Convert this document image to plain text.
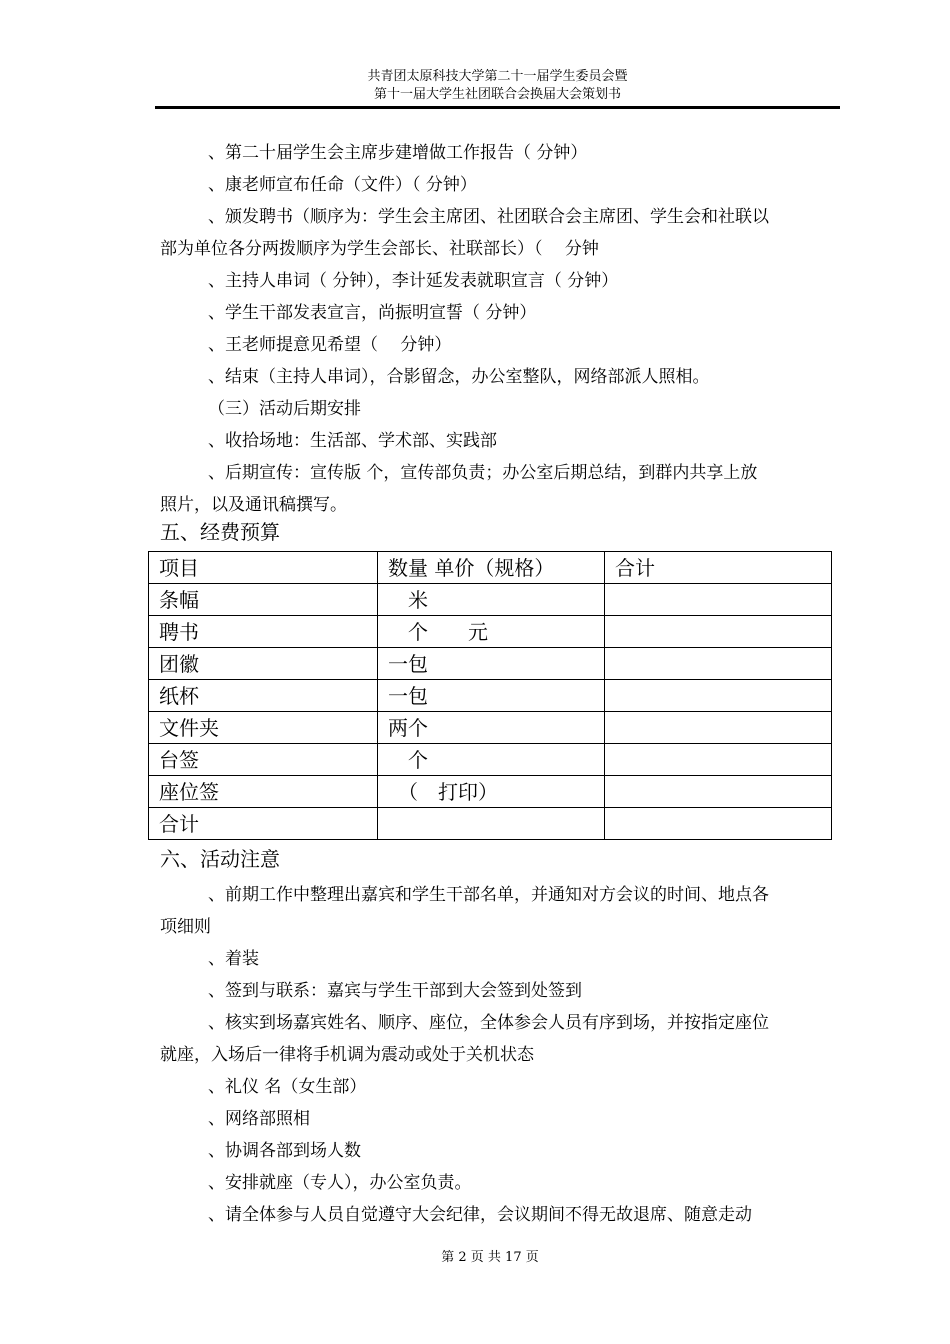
共青团太原科技大学第二十一届学生委员会暨
第十一届大学生社团联合会换届大会策划书
、第二十届学生会主席步建增做工作报告（ 分钟）
、康老师宣布任命（文件）（ 分钟）
、颁发聘书（顺序为：学生会主席团、社团联合会主席团、学生会和社联以
部为单位各分两拨顺序为学生会部长、社联部长）（　 分钟
、主持人串词（ 分钟），李计延发表就职宣言（ 分钟）
、学生干部发表宣言，尚振明宣誓（ 分钟）
、王老师提意见希望（　 分钟）
、结束（主持人串词），合影留念，办公室整队，网络部派人照相。
（三）活动后期安排
、收拾场地：生活部、学术部、实践部
、后期宣传：宣传版 个，宣传部负责；办公室后期总结，到群内共享上放
照片，以及通讯稿撰写。
五、经费预算
项目	数量 单价（规格）	合计
条幅	　米	
聘书	　个　　元	
团徽	一包	
纸杯	一包	
文件夹	两个	
台签	　个	
座位签	　（　打印）	
合计		
六、活动注意
、前期工作中整理出嘉宾和学生干部名单，并通知对方会议的时间、地点各
项细则
、着装
、签到与联系：嘉宾与学生干部到大会签到处签到
、核实到场嘉宾姓名、顺序、座位，全体参会人员有序到场，并按指定座位
就座，入场后一律将手机调为震动或处于关机状态
、礼仪 名（女生部）
、网络部照相
、协调各部到场人数
、安排就座（专人），办公室负责。
、请全体参与人员自觉遵守大会纪律，会议期间不得无故退席、随意走动
第 2 页 共 17 页
